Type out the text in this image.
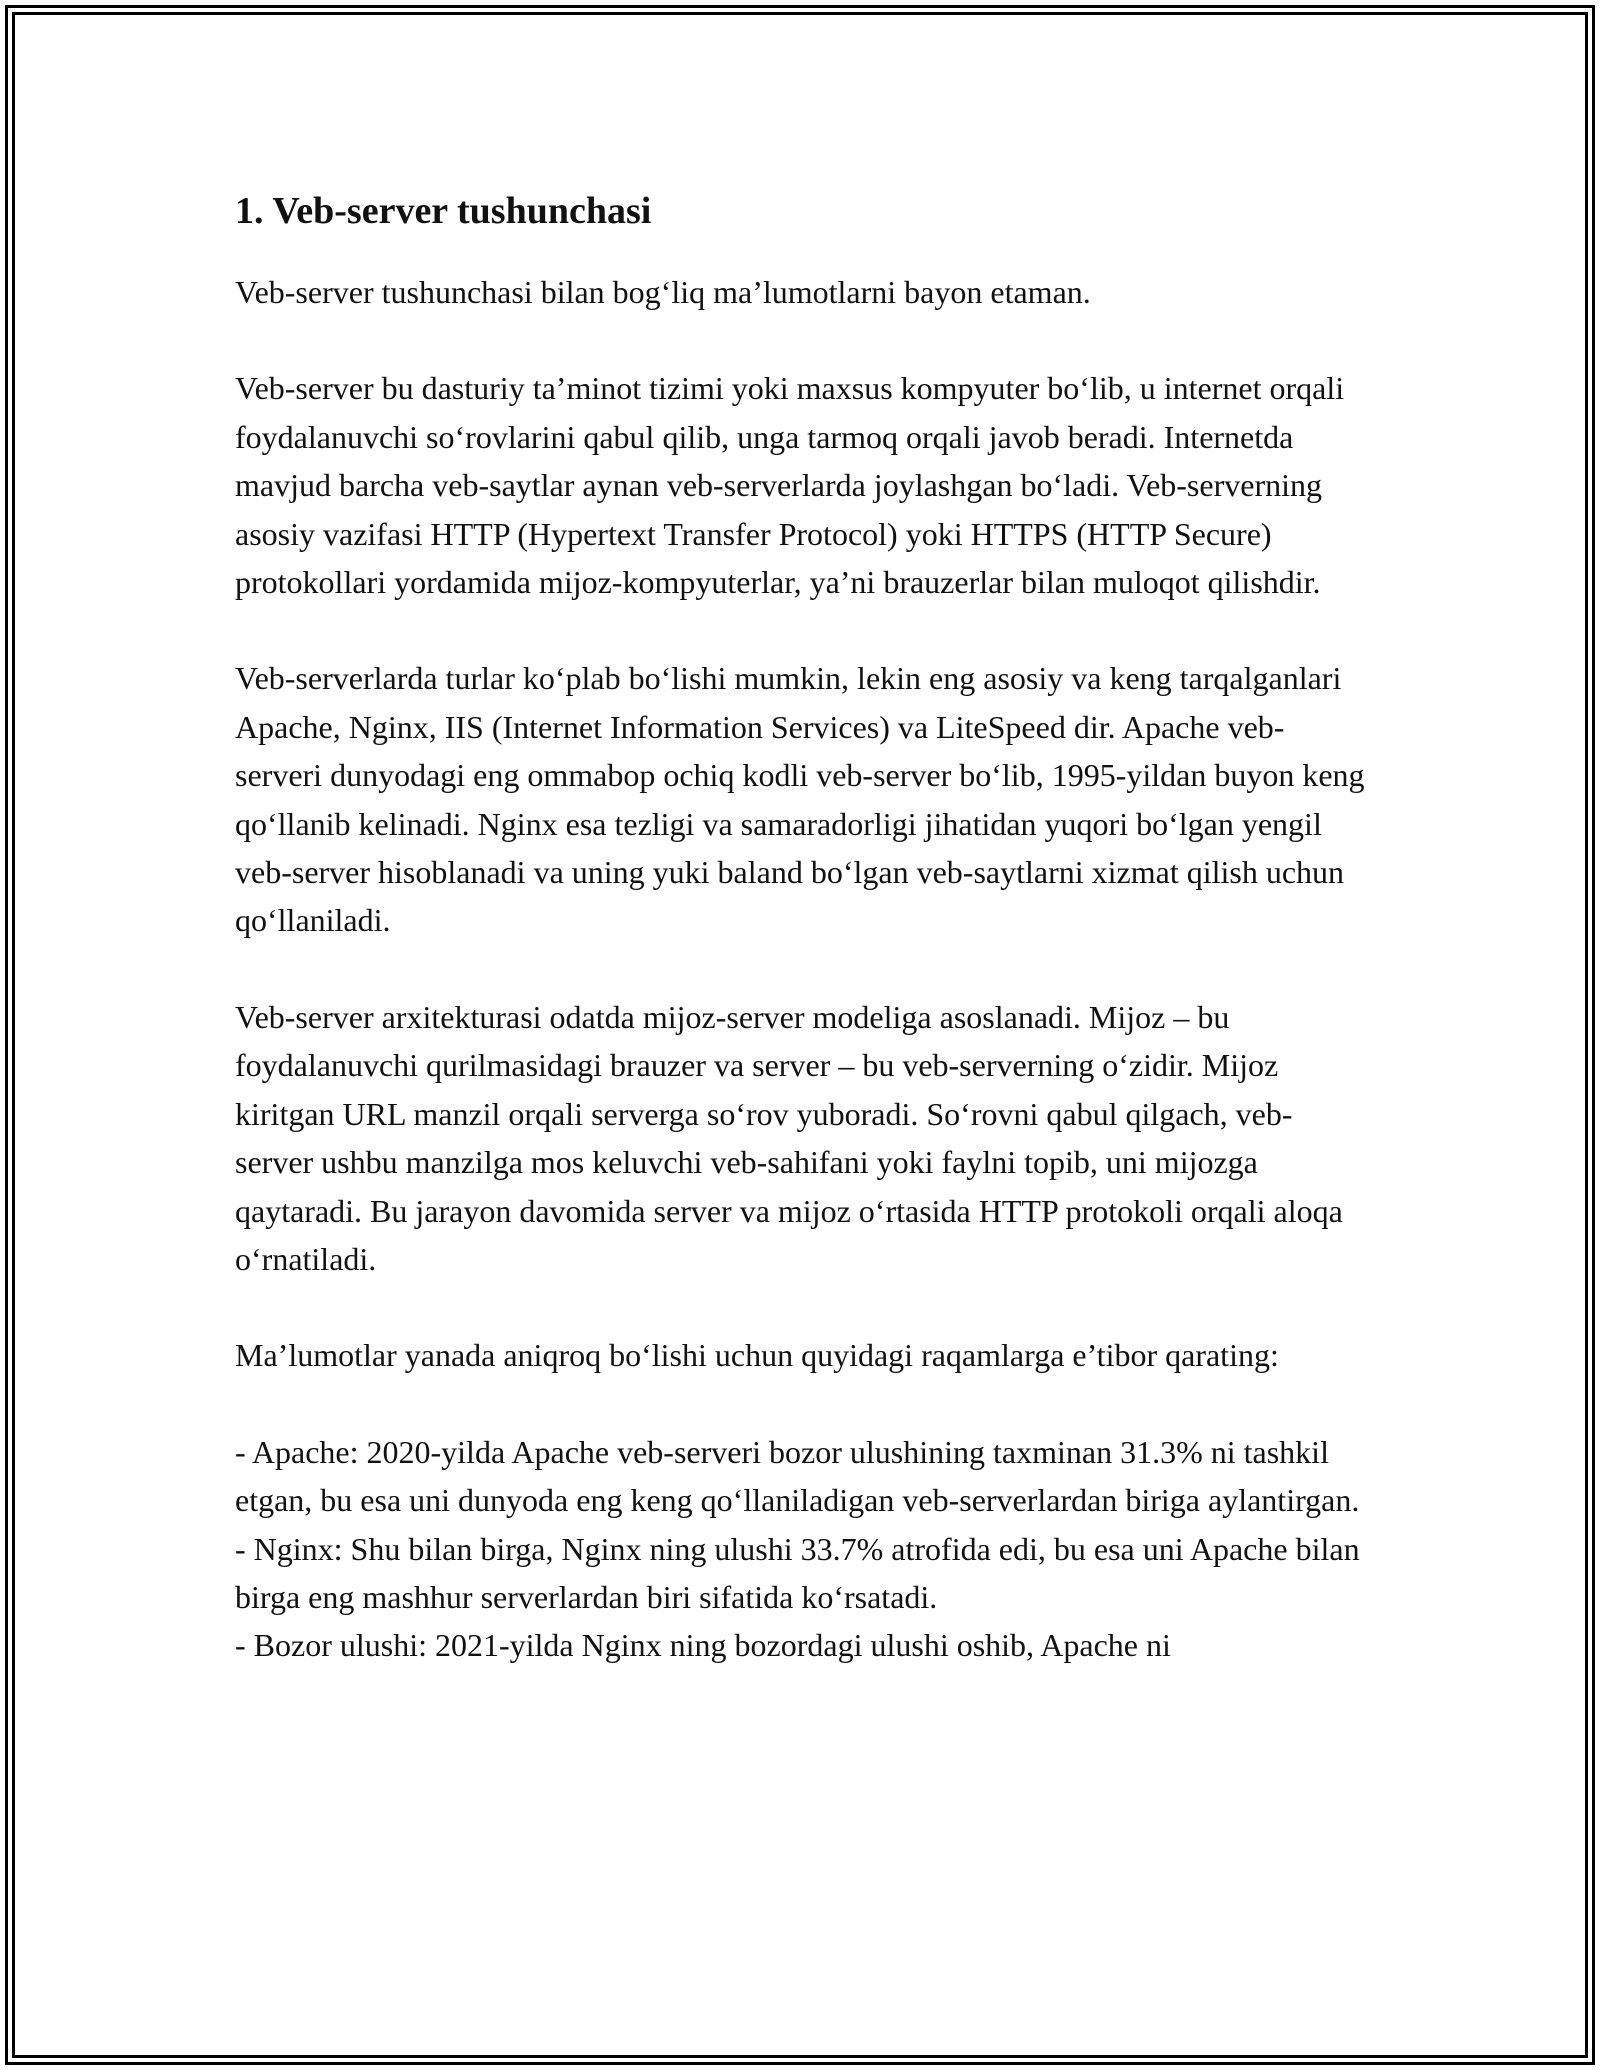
1. Veb-server tushunchasi

Veb-server tushunchasi bilan bog‘liq ma’lumotlarni bayon etaman.

Veb-server bu dasturiy ta’minot tizimi yoki maxsus kompyuter bo‘lib, u internet orqali foydalanuvchi so‘rovlarini qabul qilib, unga tarmoq orqali javob beradi. Internetda mavjud barcha veb-saytlar aynan veb-serverlarda joylashgan bo‘ladi. Veb-serverning asosiy vazifasi HTTP (Hypertext Transfer Protocol) yoki HTTPS (HTTP Secure) protokollari yordamida mijoz-kompyuterlar, ya’ni brauzerlar bilan muloqot qilishdir.

Veb-serverlarda turlar ko‘plab bo‘lishi mumkin, lekin eng asosiy va keng tarqalganlari Apache, Nginx, IIS (Internet Information Services) va LiteSpeed dir. Apache veb-serveri dunyodagi eng ommabop ochiq kodli veb-server bo‘lib, 1995-yildan buyon keng qo‘llanib kelinadi. Nginx esa tezligi va samaradorligi jihatidan yuqori bo‘lgan yengil veb-server hisoblanadi va uning yuki baland bo‘lgan veb-saytlarni xizmat qilish uchun qo‘llaniladi.

Veb-server arxitekturasi odatda mijoz-server modeliga asoslanadi. Mijoz – bu foydalanuvchi qurilmasidagi brauzer va server – bu veb-serverning o‘zidir. Mijoz kiritgan URL manzil orqali serverga so‘rov yuboradi. So‘rovni qabul qilgach, veb-server ushbu manzilga mos keluvchi veb-sahifani yoki faylni topib, uni mijozga qaytaradi. Bu jarayon davomida server va mijoz o‘rtasida HTTP protokoli orqali aloqa o‘rnatiladi.

Ma’lumotlar yanada aniqroq bo‘lishi uchun quyidagi raqamlarga e’tibor qarating:

- Apache: 2020-yilda Apache veb-serveri bozor ulushining taxminan 31.3% ni tashkil etgan, bu esa uni dunyoda eng keng qo‘llaniladigan veb-serverlardan biriga aylantirgan.
- Nginx: Shu bilan birga, Nginx ning ulushi 33.7% atrofida edi, bu esa uni Apache bilan birga eng mashhur serverlardan biri sifatida ko‘rsatadi.
- Bozor ulushi: 2021-yilda Nginx ning bozordagi ulushi oshib, Apache ni
